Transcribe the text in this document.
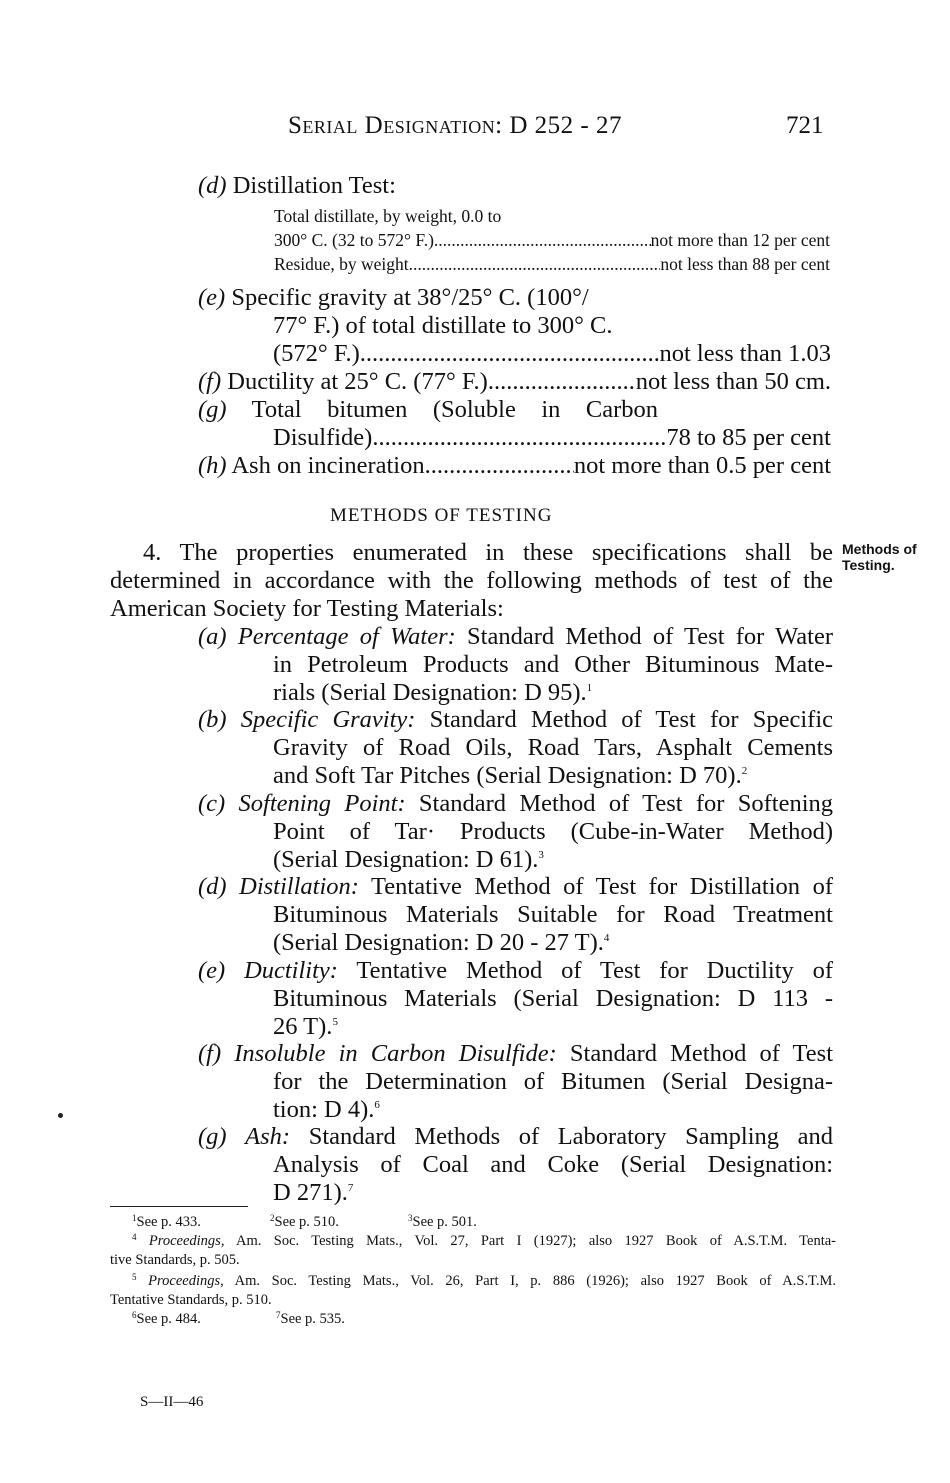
Serial Designation: D 252 - 27	721
(d) Distillation Test:
Total distillate, by weight, 0.0 to
300° C. (32 to 572° F.) .....	not more than 12 per cent
Residue, by weight .....	not less than 88 per cent
(e) Specific gravity at 38°/25° C. (100°/
77° F.) of total distillate to 300° C.
(572° F.) .....	not less than 1.03
(f) Ductility at 25° C. (77° F.) .....	not less than 50 cm.
(g) Total bitumen (Soluble in Carbon
Disulfide) .....	78 to 85 per cent
(h) Ash on incineration .....	not more than 0.5 per cent
METHODS OF TESTING
Methods of
Testing.
4. The properties enumerated in these specifications shall be
determined in accordance with the following methods of test of the
American Society for Testing Materials:
(a) Percentage of Water: Standard Method of Test for Water
in Petroleum Products and Other Bituminous Mate-
rials (Serial Designation: D 95).$^1$
(b) Specific Gravity: Standard Method of Test for Specific
Gravity of Road Oils, Road Tars, Asphalt Cements
and Soft Tar Pitches (Serial Designation: D 70).$^2$
(c) Softening Point: Standard Method of Test for Softening
Point of Tar· Products (Cube-in-Water Method)
(Serial Designation: D 61).$^3$
(d) Distillation: Tentative Method of Test for Distillation of
Bituminous Materials Suitable for Road Treatment
(Serial Designation: D 20 - 27 T).$^4$
(e) Ductility: Tentative Method of Test for Ductility of
Bituminous Materials (Serial Designation: D 113 -
26 T).$^5$
(f) Insoluble in Carbon Disulfide: Standard Method of Test
for the Determination of Bitumen (Serial Designa-
tion: D 4).$^6$
(g) Ash: Standard Methods of Laboratory Sampling and
Analysis of Coal and Coke (Serial Designation:
D 271).$^7$
$^1$See p. 433.	$^2$See p. 510.	$^3$See p. 501.
$^4$ Proceedings, Am. Soc. Testing Mats., Vol. 27, Part I (1927); also 1927 Book of A.S.T.M. Tenta-
tive Standards, p. 505.
$^5$ Proceedings, Am. Soc. Testing Mats., Vol. 26, Part I, p. 886 (1926); also 1927 Book of A.S.T.M.
Tentative Standards, p. 510.
$^6$See p. 484.	$^7$See p. 535.
S—II—46
